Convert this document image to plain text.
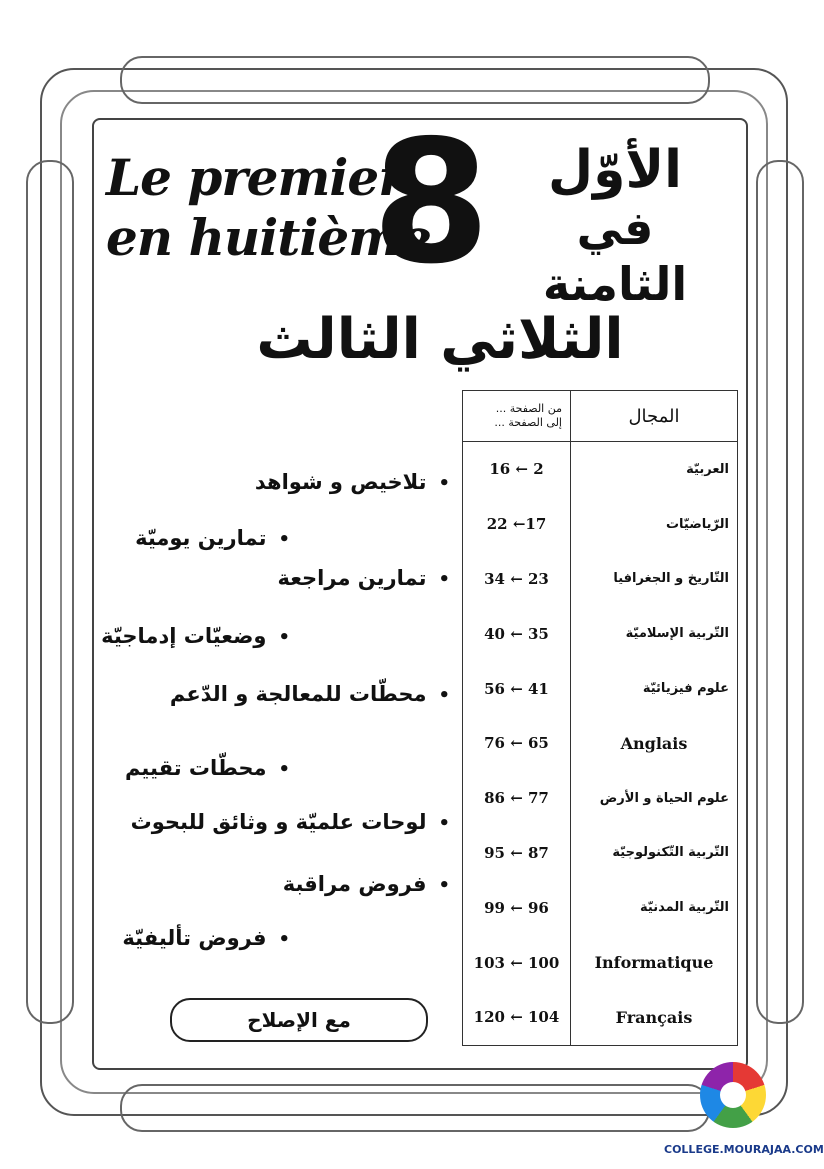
Le premier
en huitième
8	الأوّل
في الثامنة
الثلاثي الثالث
•تلاخيص و شواهد
•تمارين يوميّة
•تمارين مراجعة
•وضعيّات إدماجيّة
•محطّات للمعالجة و الدّعم
•محطّات تقييم
•لوحات علميّة و وثائق للبحوث
•فروض مراقبة
•فروض تأليفيّة
مع الإصلاح
المجال	من الصفحة ...
إلى الصفحة ...

العربيّة	16 ← 2
الرّياضيّات	22 ←17
التّاريخ و الجغرافيا	34 ← 23
التّربية الإسلاميّة	40 ← 35
علوم فيزيائيّة	56 ← 41
Anglais	76 ← 65
علوم الحياة و الأرض	86 ← 77
التّربية التّكنولوجيّة	95 ← 87
التّربية المدنيّة	99 ← 96
Informatique	103 ← 100
Français	120 ← 104
COLLEGE.MOURAJAA.COM
